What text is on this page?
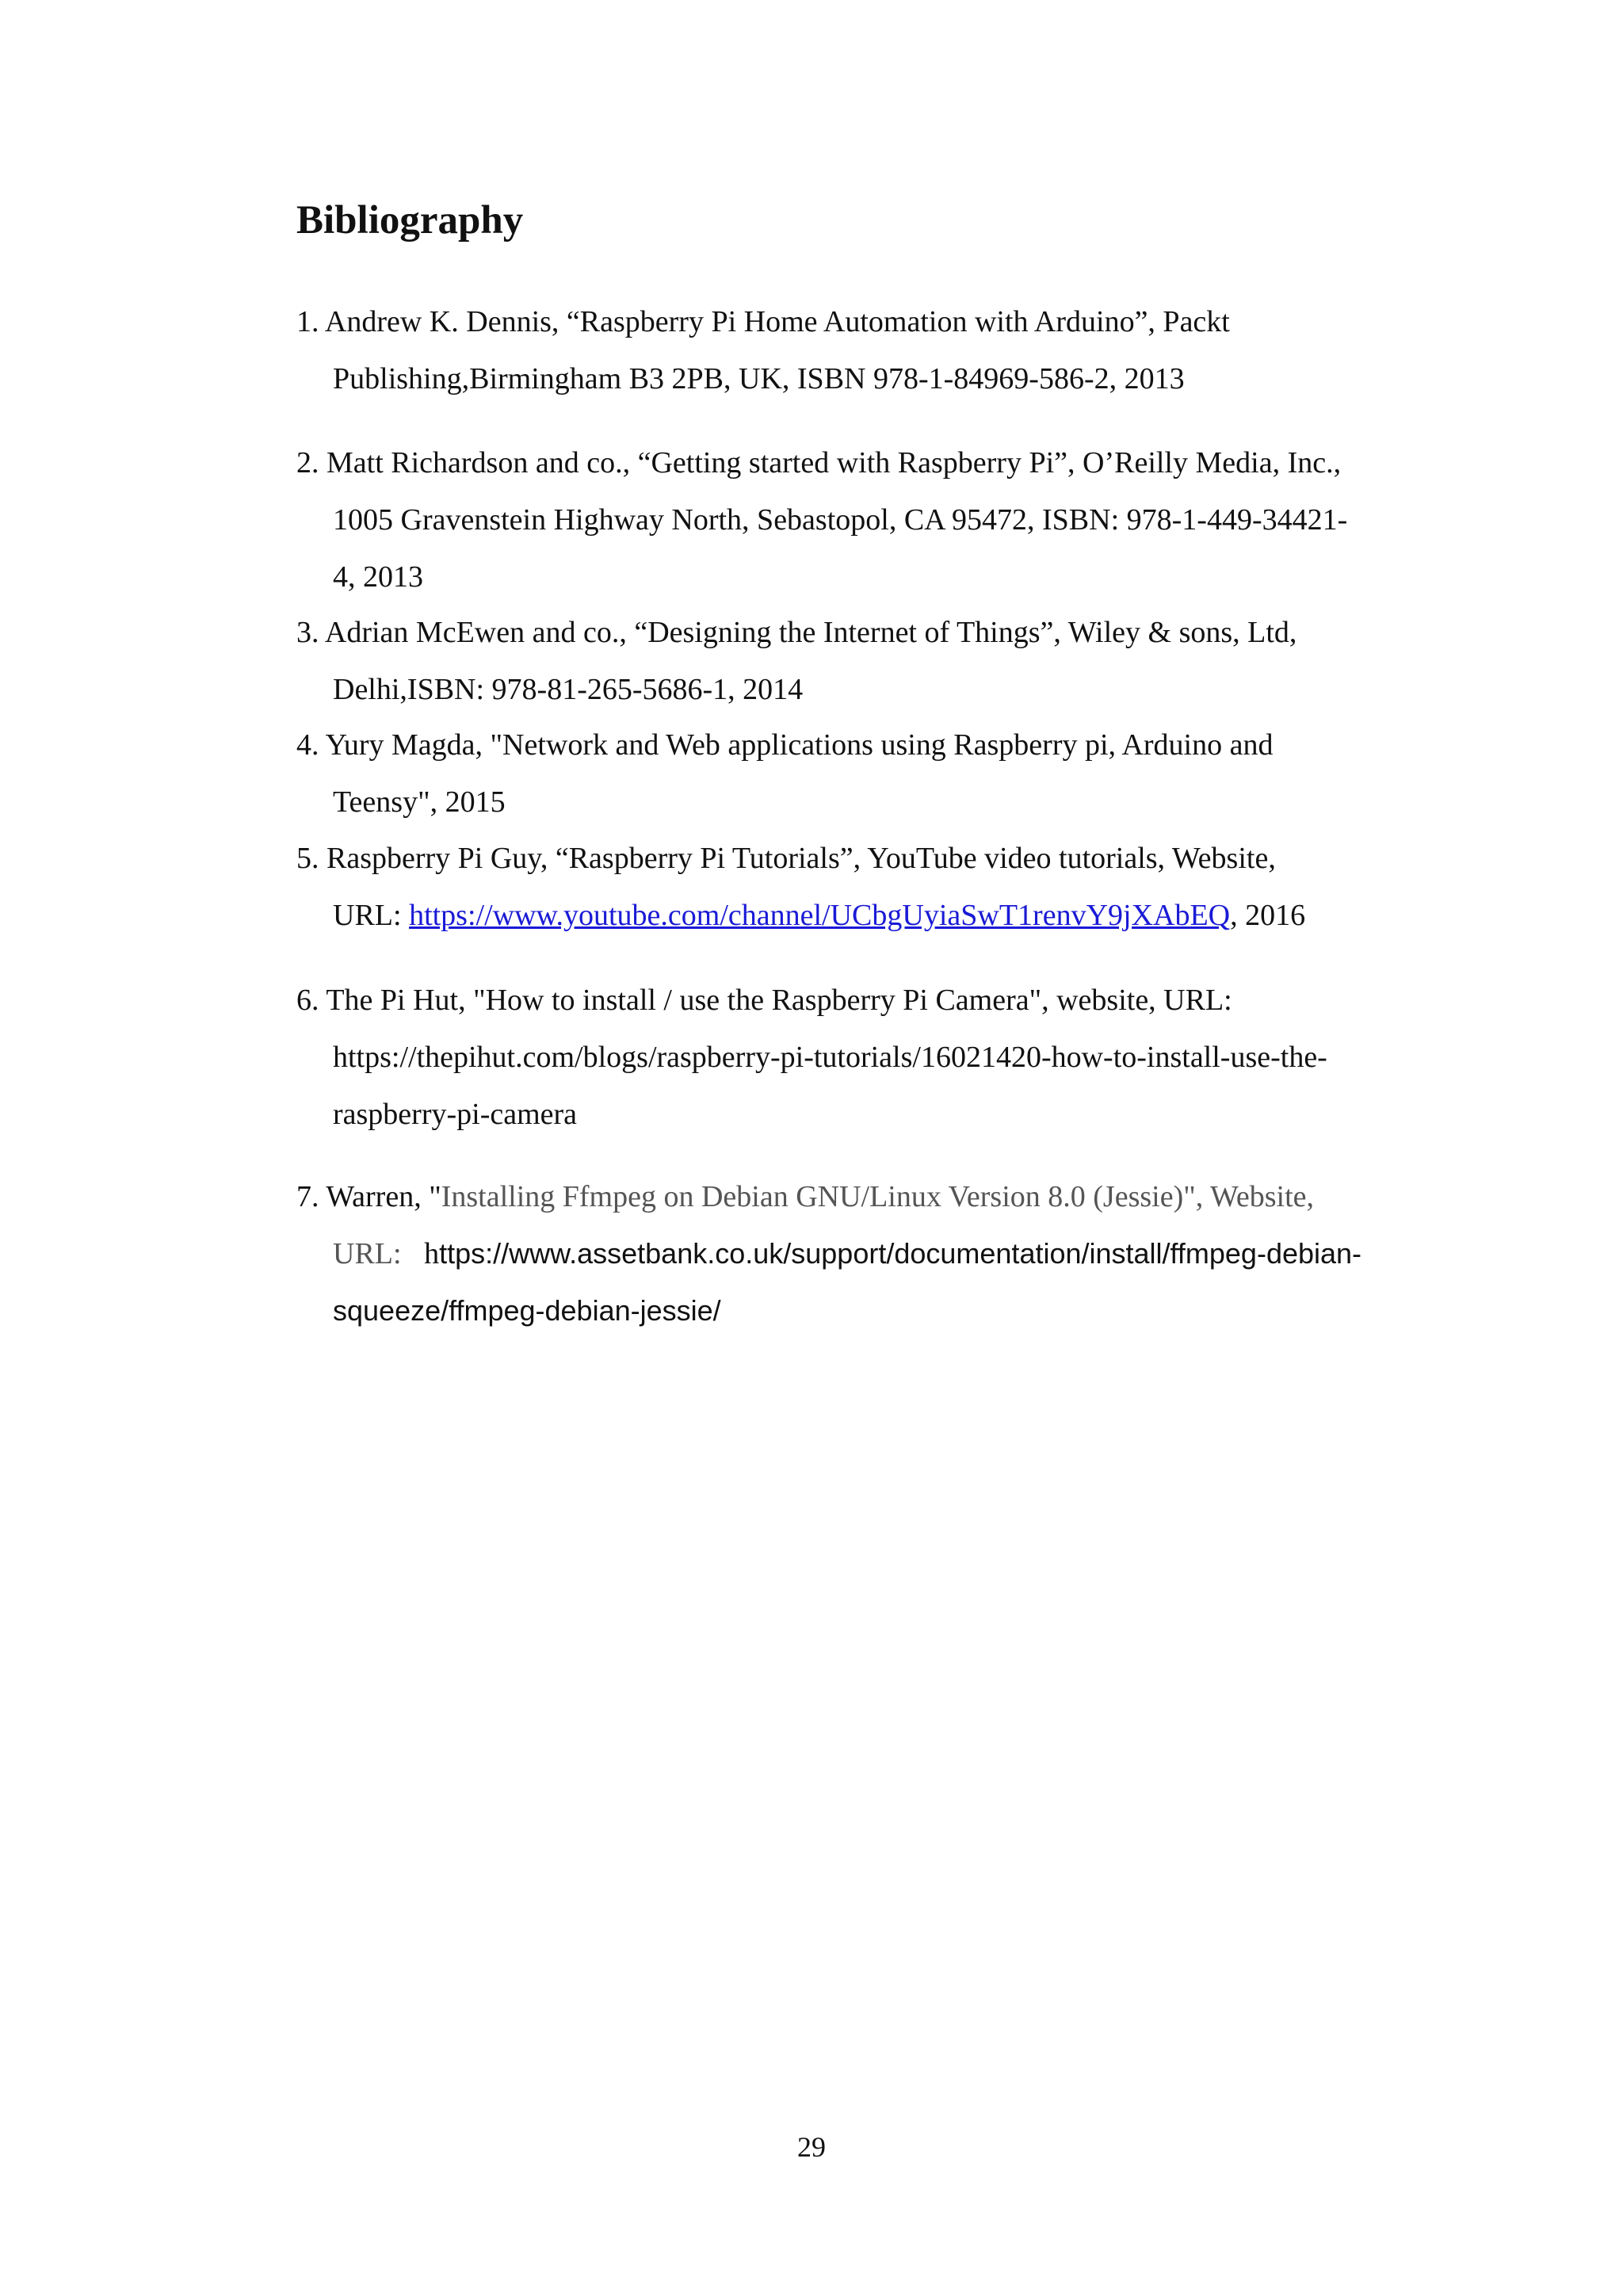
Bibliography
1. Andrew K. Dennis, “Raspberry Pi Home Automation with Arduino”, Packt
Publishing,Birmingham B3 2PB, UK, ISBN 978-1-84969-586-2, 2013
2. Matt Richardson and co., “Getting started with Raspberry Pi”, O’Reilly Media, Inc.,
1005 Gravenstein Highway North, Sebastopol, CA 95472, ISBN: 978-1-449-34421-
4, 2013
3. Adrian McEwen and co., “Designing the Internet of Things”, Wiley & sons, Ltd,
Delhi,ISBN: 978-81-265-5686-1, 2014
4. Yury Magda, "Network and Web applications using Raspberry pi, Arduino and
Teensy", 2015
5. Raspberry Pi Guy, “Raspberry Pi Tutorials”, YouTube video tutorials, Website,
URL: https://www.youtube.com/channel/UCbgUyiaSwT1renvY9jXAbEQ, 2016
6. The Pi Hut, "How to install / use the Raspberry Pi Camera", website, URL:
https://thepihut.com/blogs/raspberry-pi-tutorials/16021420-how-to-install-use-the-
raspberry-pi-camera
7. Warren, "Installing Ffmpeg on Debian GNU/Linux Version 8.0 (Jessie)", Website,
URL: https://www.assetbank.co.uk/support/documentation/install/ffmpeg-debian-
squeeze/ffmpeg-debian-jessie/
29
